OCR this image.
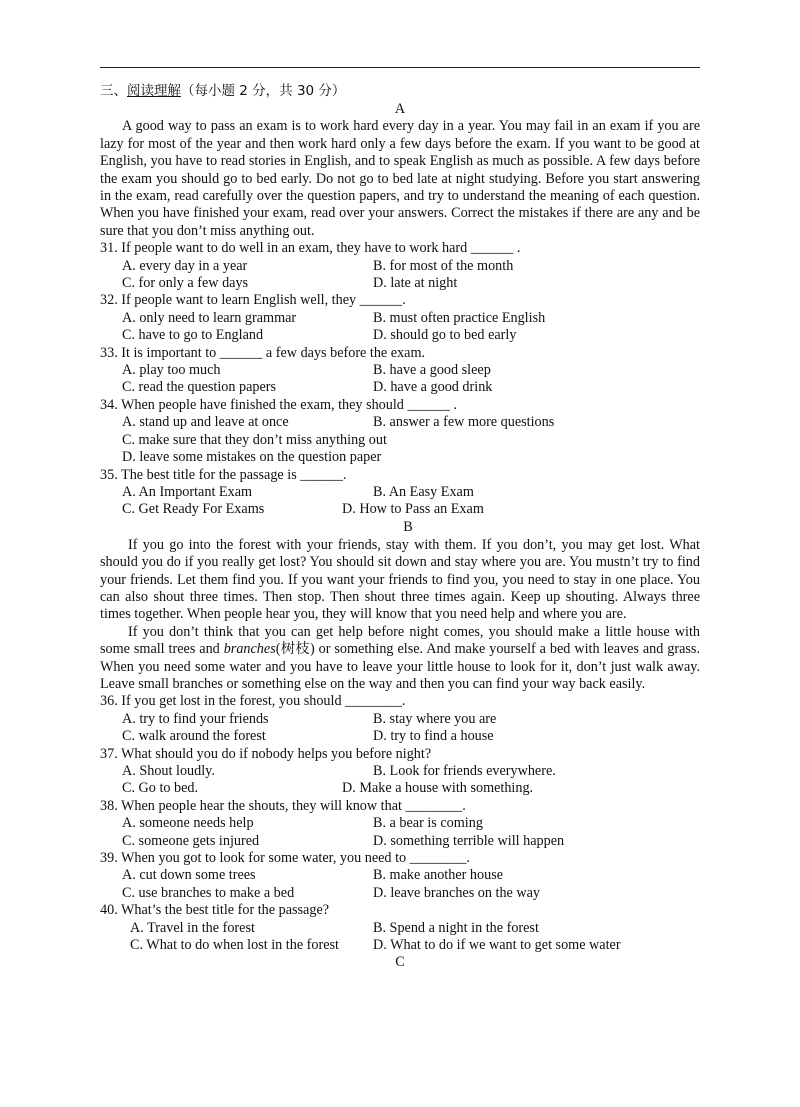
三、阅读理解（每小题 2 分，共 30 分）
A
A good way to pass an exam is to work hard every day in a year. You may fail in an exam if you are lazy for most of the year and then work hard only a few days before the exam. If you want to be good at English, you have to read stories in English, and to speak English as much as possible. A few days before the exam you should go to bed early. Do not go to bed late at night studying. Before you start answering in the exam, read carefully over the question papers, and try to understand the meaning of each question. When you have finished your exam, read over your answers. Correct the mistakes if there are any and be sure that you don’t miss anything out.
31. If people want to do well in an exam, they have to work hard ______ .
A. every day in a year	B. for most of the month
C. for only a few days	D. late at night
32. If people want to learn English well, they ______.
A. only need to learn grammar	B. must often practice English
C. have to go to England	D. should go to bed early
33. It is important to ______ a few days before the exam.
A. play too much	B. have a good sleep
C. read the question papers	D. have a good drink
34. When people have finished the exam, they should ______ .
A. stand up and leave at once	B. answer a few more questions
C. make sure that they don’t miss anything out
D. leave some mistakes on the question paper
35. The best title for the passage is ______.
A. An Important Exam	B. An Easy Exam
C. Get Ready For Exams	D. How to Pass an Exam
B
If you go into the forest with your friends, stay with them. If you don’t, you may get lost. What should you do if you really get lost? You should sit down and stay where you are. You mustn’t try to find your friends. Let them find you. If you want your friends to find you, you need to stay in one place. You can also shout three times. Then stop. Then shout three times again. Keep up shouting. Always three times together. When people hear you, they will know that you need help and where you are.
If you don’t think that you can get help before night comes, you should make a little house with some small trees and branches(树枝) or something else. And make yourself a bed with leaves and grass. When you need some water and you have to leave your little house to look for it, don’t just walk away. Leave small branches or something else on the way and then you can find your way back easily.
36. If you get lost in the forest, you should ________.
A. try to find your friends	B. stay where you are
C. walk around the forest	D. try to find a house
37. What should you do if nobody helps you before night?
A. Shout loudly.	B. Look for friends everywhere.
C. Go to bed.	D. Make a house with something.
38. When people hear the shouts, they will know that ________.
A. someone needs help	B. a bear is coming
C. someone gets injured	D. something terrible will happen
39. When you got to look for some water, you need to ________.
A. cut down some trees	B. make another house
C. use branches to make a bed	D. leave branches on the way
40. What’s the best title for the passage?
A. Travel in the forest	B. Spend a night in the forest
C. What to do when lost in the forest	D. What to do if we want to get some water
C
